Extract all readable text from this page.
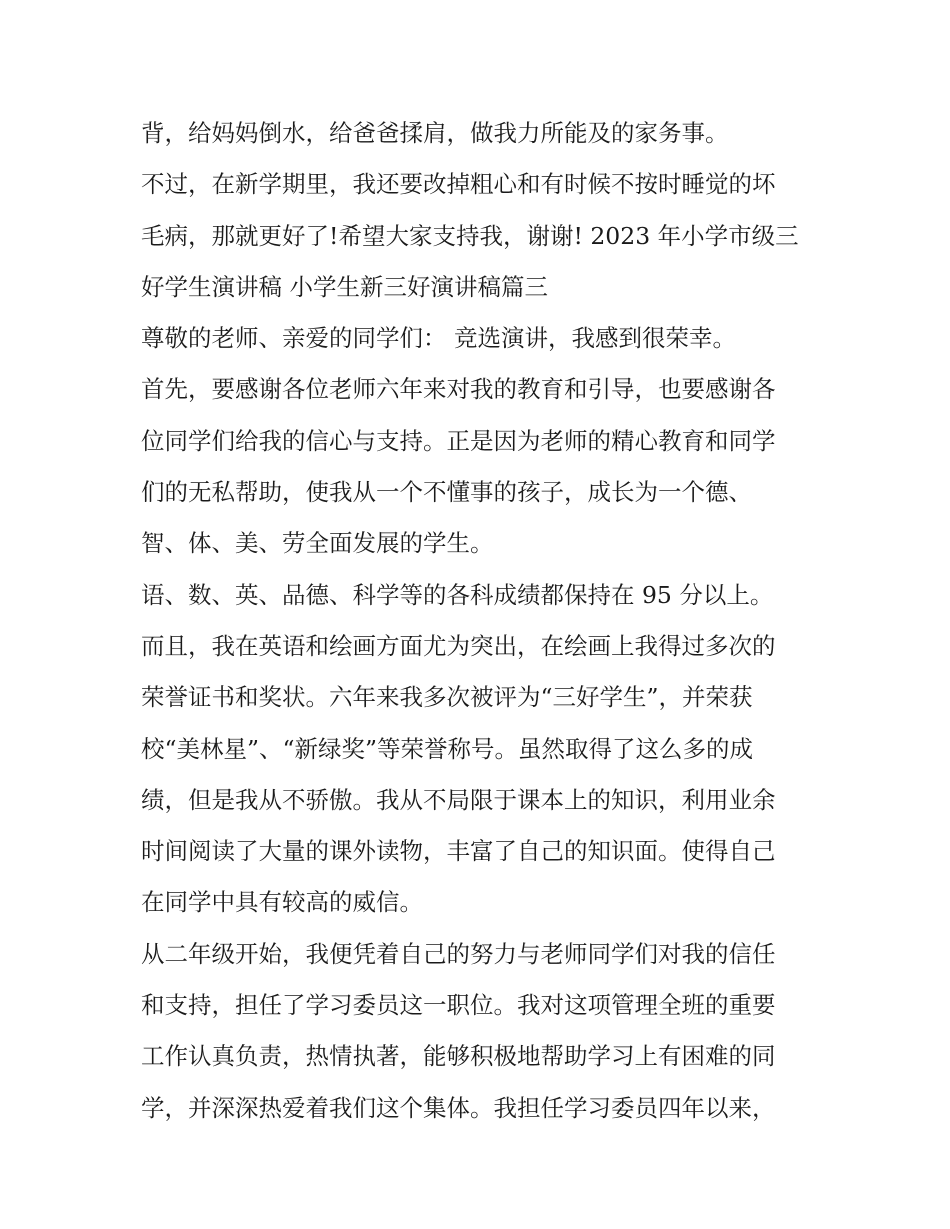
背，给妈妈倒水，给爸爸揉肩，做我力所能及的家务事。
不过，在新学期里，我还要改掉粗心和有时候不按时睡觉的坏
毛病，那就更好了!希望大家支持我，谢谢! 2023 年小学市级三
好学生演讲稿 小学生新三好演讲稿篇三
尊敬的老师、亲爱的同学们： 竞选演讲，我感到很荣幸。
首先，要感谢各位老师六年来对我的教育和引导，也要感谢各
位同学们给我的信心与支持。正是因为老师的精心教育和同学
们的无私帮助，使我从一个不懂事的孩子，成长为一个德、
智、体、美、劳全面发展的学生。
语、数、英、品德、科学等的各科成绩都保持在 95 分以上。
而且，我在英语和绘画方面尤为突出，在绘画上我得过多次的
荣誉证书和奖状。六年来我多次被评为“三好学生”，并荣获
校“美林星”、“新绿奖”等荣誉称号。虽然取得了这么多的成
绩，但是我从不骄傲。我从不局限于课本上的知识，利用业余
时间阅读了大量的课外读物，丰富了自己的知识面。使得自己
在同学中具有较高的威信。
从二年级开始，我便凭着自己的努力与老师同学们对我的信任
和支持，担任了学习委员这一职位。我对这项管理全班的重要
工作认真负责，热情执著，能够积极地帮助学习上有困难的同
学，并深深热爱着我们这个集体。我担任学习委员四年以来，
